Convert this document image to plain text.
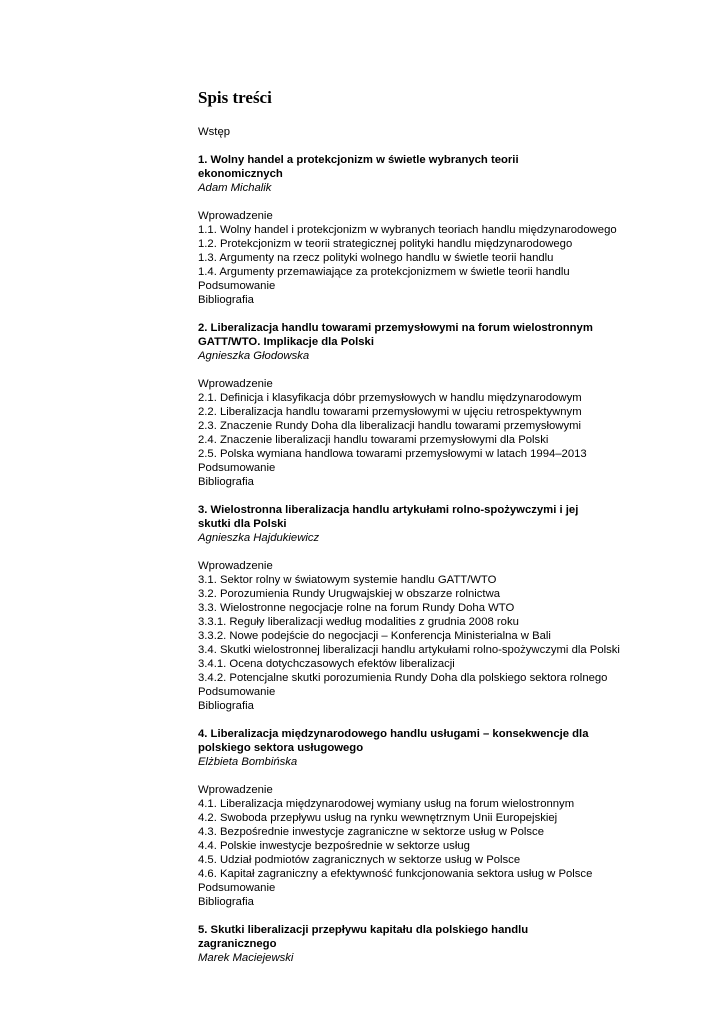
Spis treści
Wstęp
1. Wolny handel a protekcjonizm w świetle wybranych teorii
ekonomicznych
Adam Michalik
Wprowadzenie
1.1. Wolny handel i protekcjonizm w wybranych teoriach handlu międzynarodowego
1.2. Protekcjonizm w teorii strategicznej polityki handlu międzynarodowego
1.3. Argumenty na rzecz polityki wolnego handlu w świetle teorii handlu
1.4. Argumenty przemawiające za protekcjonizmem w świetle teorii handlu
Podsumowanie
Bibliografia
2. Liberalizacja handlu towarami przemysłowymi na forum wielostronnym
GATT/WTO. Implikacje dla Polski
Agnieszka Głodowska
Wprowadzenie
2.1. Definicja i klasyfikacja dóbr przemysłowych w handlu międzynarodowym
2.2. Liberalizacja handlu towarami przemysłowymi w ujęciu retrospektywnym
2.3. Znaczenie Rundy Doha dla liberalizacji handlu towarami przemysłowymi
2.4. Znaczenie liberalizacji handlu towarami przemysłowymi dla Polski
2.5. Polska wymiana handlowa towarami przemysłowymi w latach 1994–2013
Podsumowanie
Bibliografia
3. Wielostronna liberalizacja handlu artykułami rolno-spożywczymi i jej
skutki dla Polski
Agnieszka Hajdukiewicz
Wprowadzenie
3.1. Sektor rolny w światowym systemie handlu GATT/WTO
3.2. Porozumienia Rundy Urugwajskiej w obszarze rolnictwa
3.3. Wielostronne negocjacje rolne na forum Rundy Doha WTO
3.3.1. Reguły liberalizacji według modalities z grudnia 2008 roku
3.3.2. Nowe podejście do negocjacji – Konferencja Ministerialna w Bali
3.4. Skutki wielostronnej liberalizacji handlu artykułami rolno-spożywczymi dla Polski
3.4.1. Ocena dotychczasowych efektów liberalizacji
3.4.2. Potencjalne skutki porozumienia Rundy Doha dla polskiego sektora rolnego
Podsumowanie
Bibliografia
4. Liberalizacja międzynarodowego handlu usługami – konsekwencje dla
polskiego sektora usługowego
Elżbieta Bombińska
Wprowadzenie
4.1. Liberalizacja międzynarodowej wymiany usług na forum wielostronnym
4.2. Swoboda przepływu usług na rynku wewnętrznym Unii Europejskiej
4.3. Bezpośrednie inwestycje zagraniczne w sektorze usług w Polsce
4.4. Polskie inwestycje bezpośrednie w sektorze usług
4.5. Udział podmiotów zagranicznych w sektorze usług w Polsce
4.6. Kapitał zagraniczny a efektywność funkcjonowania sektora usług w Polsce
Podsumowanie
Bibliografia
5. Skutki liberalizacji przepływu kapitału dla polskiego handlu
zagranicznego
Marek Maciejewski
